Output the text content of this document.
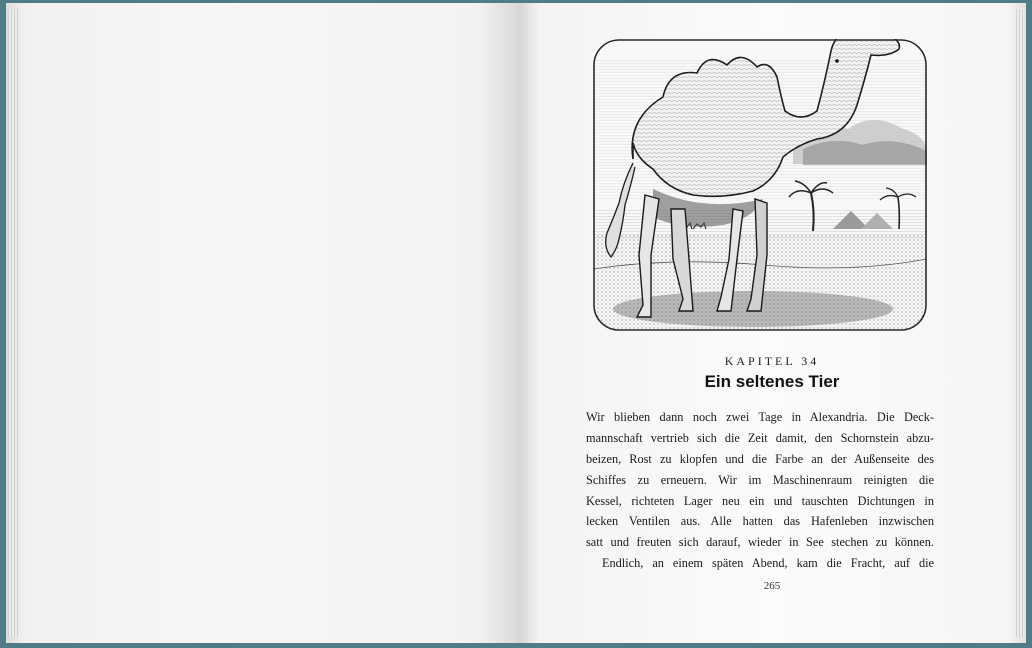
KAPITEL 34
Ein seltenes Tier
Wir blieben dann noch zwei Tage in Alexandria. Die Deck-
mannschaft vertrieb sich die Zeit damit, den Schornstein abzu-
beizen, Rost zu klopfen und die Farbe an der Außenseite des
Schiffes zu erneuern. Wir im Maschinenraum reinigten die
Kessel, richteten Lager neu ein und tauschten Dichtungen in
lecken Ventilen aus. Alle hatten das Hafenleben inzwischen
satt und freuten sich darauf, wieder in See stechen zu können.
Endlich, an einem späten Abend, kam die Fracht, auf die
265
